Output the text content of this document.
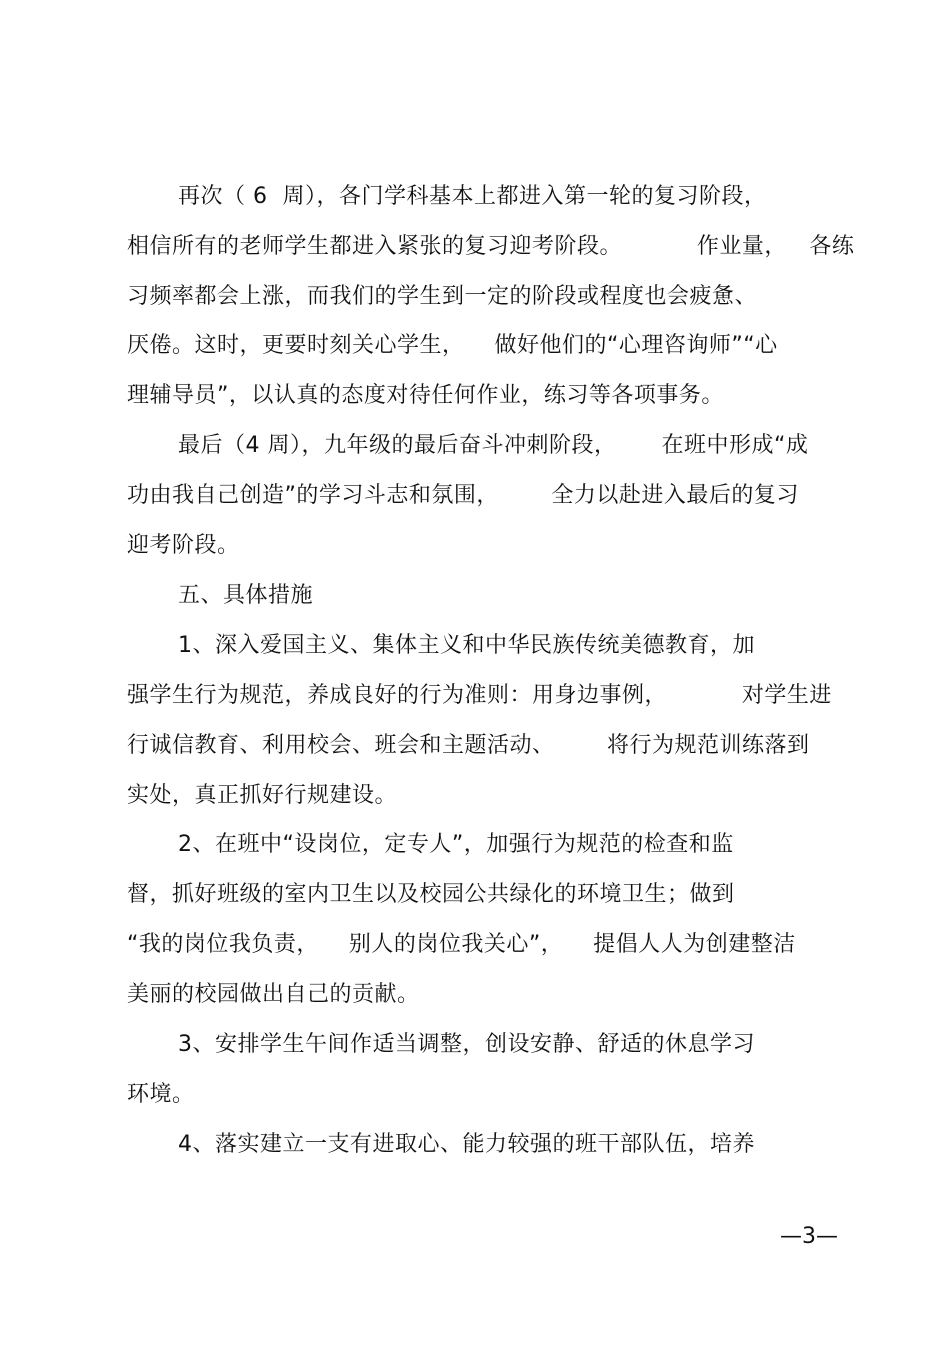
再次（ 6  周），各门学科基本上都进入第一轮的复习阶段，
相信所有的老师学生都进入紧张的复习迎考阶段。          作业量，   各练
习频率都会上涨，而我们的学生到一定的阶段或程度也会疲惫、
厌倦。这时，更要时刻关心学生，    做好他们的“心理咨询师”“心
理辅导员”，以认真的态度对待任何作业，练习等各项事务。
最后（4 周），九年级的最后奋斗冲刺阶段，      在班中形成“成
功由我自己创造”的学习斗志和氛围，       全力以赴进入最后的复习
迎考阶段。
五、具体措施
1、深入爱国主义、集体主义和中华民族传统美德教育，加
强学生行为规范，养成良好的行为准则：用身边事例，          对学生进
行诚信教育、利用校会、班会和主题活动、       将行为规范训练落到
实处，真正抓好行规建设。
2、在班中“设岗位，定专人”，加强行为规范的检查和监
督，抓好班级的室内卫生以及校园公共绿化的环境卫生；做到
“我的岗位我负责，    别人的岗位我关心”，    提倡人人为创建整洁
美丽的校园做出自己的贡献。
3、安排学生午间作适当调整，创设安静、舒适的休息学习
环境。
4、落实建立一支有进取心、能力较强的班干部队伍，培养
—3—
